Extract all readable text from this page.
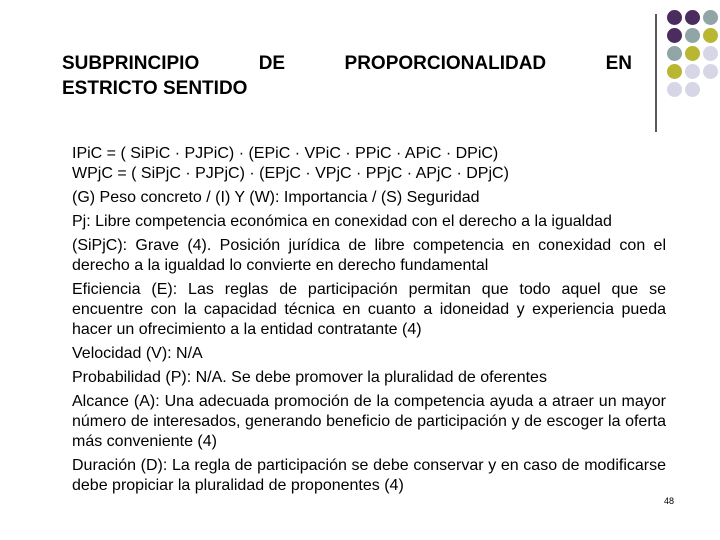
SUBPRINCIPIO	DE	PROPORCIONALIDAD	EN
ESTRICTO SENTIDO

IPiC = ( SiPiC · PJPiC) · (EPiC · VPiC · PPiC · APiC · DPiC)

WPjC = ( SiPjC · PJPjC) · (EPjC · VPjC · PPjC · APjC · DPjC)

(G) Peso concreto / (I) Y (W): Importancia / (S) Seguridad

Pj: Libre competencia económica en conexidad con el derecho a la igualdad

(SiPjC): Grave (4). Posición jurídica de libre competencia en conexidad con el derecho a la igualdad lo convierte en derecho fundamental

Eficiencia (E): Las reglas de participación permitan que todo aquel que se encuentre con la capacidad técnica en cuanto a idoneidad y experiencia pueda hacer un ofrecimiento a la entidad contratante (4)

Velocidad (V): N/A

Probabilidad (P): N/A. Se debe promover la pluralidad de oferentes

Alcance (A): Una adecuada promoción de la competencia ayuda a atraer un mayor número de interesados, generando beneficio de participación y de escoger la oferta más conveniente (4)

Duración (D): La regla de participación se debe conservar y en caso de modificarse debe propiciar la pluralidad de proponentes (4)

48
